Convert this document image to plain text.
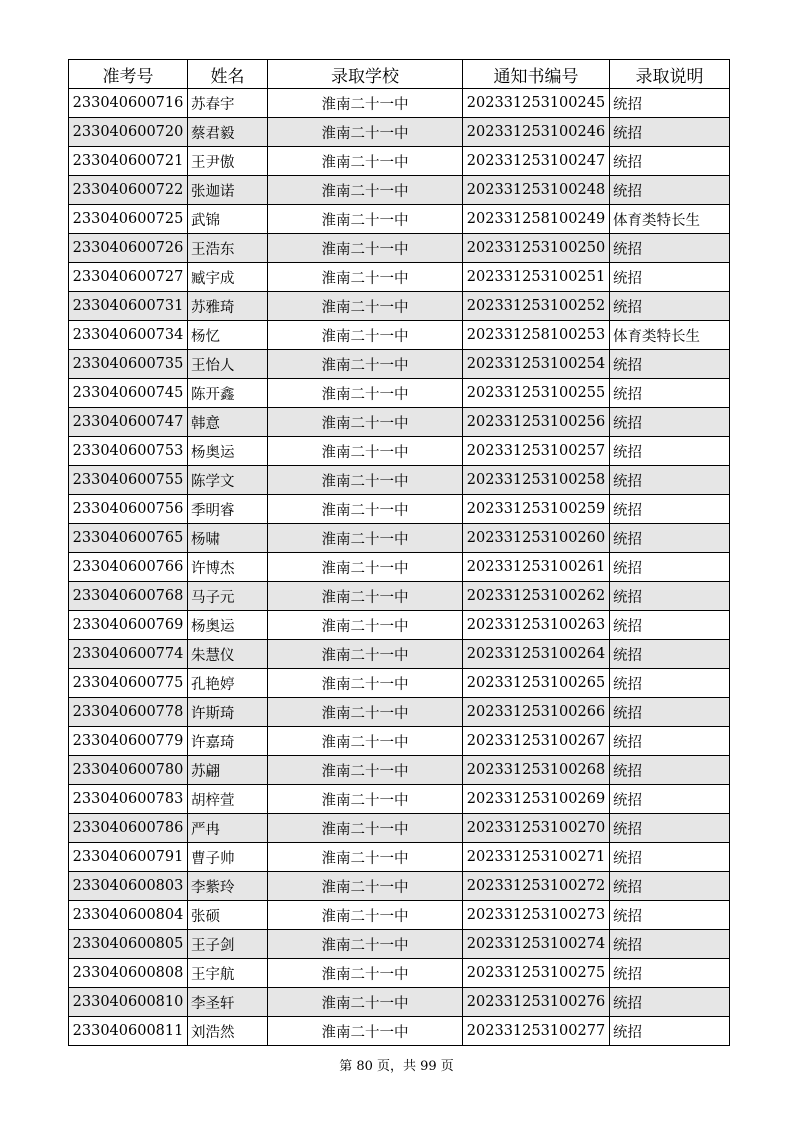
准考号	姓名	录取学校	通知书编号	录取说明
233040600716	苏春宇	淮南二十一中	202331253100245	统招
233040600720	蔡君毅	淮南二十一中	202331253100246	统招
233040600721	王尹傲	淮南二十一中	202331253100247	统招
233040600722	张迦诺	淮南二十一中	202331253100248	统招
233040600725	武锦	淮南二十一中	202331258100249	体育类特长生
233040600726	王浩东	淮南二十一中	202331253100250	统招
233040600727	臧宇成	淮南二十一中	202331253100251	统招
233040600731	苏雅琦	淮南二十一中	202331253100252	统招
233040600734	杨忆	淮南二十一中	202331258100253	体育类特长生
233040600735	王怡人	淮南二十一中	202331253100254	统招
233040600745	陈开鑫	淮南二十一中	202331253100255	统招
233040600747	韩意	淮南二十一中	202331253100256	统招
233040600753	杨奥运	淮南二十一中	202331253100257	统招
233040600755	陈学文	淮南二十一中	202331253100258	统招
233040600756	季明睿	淮南二十一中	202331253100259	统招
233040600765	杨啸	淮南二十一中	202331253100260	统招
233040600766	许博杰	淮南二十一中	202331253100261	统招
233040600768	马子元	淮南二十一中	202331253100262	统招
233040600769	杨奥运	淮南二十一中	202331253100263	统招
233040600774	朱慧仪	淮南二十一中	202331253100264	统招
233040600775	孔艳婷	淮南二十一中	202331253100265	统招
233040600778	许斯琦	淮南二十一中	202331253100266	统招
233040600779	许嘉琦	淮南二十一中	202331253100267	统招
233040600780	苏翩	淮南二十一中	202331253100268	统招
233040600783	胡梓萱	淮南二十一中	202331253100269	统招
233040600786	严冉	淮南二十一中	202331253100270	统招
233040600791	曹子帅	淮南二十一中	202331253100271	统招
233040600803	李紫玲	淮南二十一中	202331253100272	统招
233040600804	张硕	淮南二十一中	202331253100273	统招
233040600805	王子剑	淮南二十一中	202331253100274	统招
233040600808	王宇航	淮南二十一中	202331253100275	统招
233040600810	李圣轩	淮南二十一中	202331253100276	统招
233040600811	刘浩然	淮南二十一中	202331253100277	统招
第 80 页，共 99 页
